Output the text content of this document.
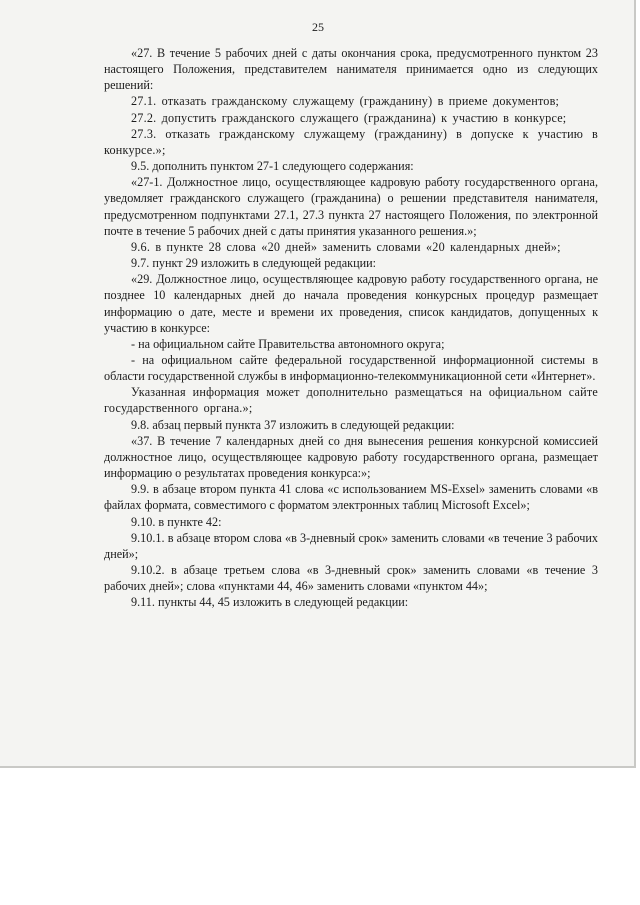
25

«27. В течение 5 рабочих дней с даты окончания срока, предусмотренного пунктом 23 настоящего Положения, представителем нанимателя принимается одно из следующих решений:

27.1. отказать гражданскому служащему (гражданину) в приеме документов;

27.2. допустить гражданского служащего (гражданина) к участию в конкурсе;

27.3. отказать гражданскому служащему (гражданину) в допуске к участию в конкурсе.»;

9.5. дополнить пунктом 27-1 следующего содержания:

«27-1. Должностное лицо, осуществляющее кадровую работу государственного органа, уведомляет гражданского служащего (гражданина) о решении представителя нанимателя, предусмотренном подпунктами 27.1, 27.3 пункта 27 настоящего Положения, по электронной почте в течение 5 рабочих дней с даты принятия указанного решения.»;

9.6. в пункте 28 слова «20 дней» заменить словами «20 календарных дней»;

9.7. пункт 29 изложить в следующей редакции:

«29. Должностное лицо, осуществляющее кадровую работу государственного органа, не позднее 10 календарных дней до начала проведения конкурсных процедур размещает информацию о дате, месте и времени их проведения, список кандидатов, допущенных к участию в конкурсе:

- на официальном сайте Правительства автономного округа;

- на официальном сайте федеральной государственной информационной системы в области государственной службы в информационно-телекоммуникационной сети «Интернет».

Указанная информация может дополнительно размещаться на официальном сайте государственного органа.»;

9.8. абзац первый пункта 37 изложить в следующей редакции:

«37. В течение 7 календарных дней со дня вынесения решения конкурсной комиссией должностное лицо, осуществляющее кадровую работу государственного органа, размещает информацию о результатах проведения конкурса:»;

9.9. в абзаце втором пункта 41 слова «с использованием MS-Exsel» заменить словами «в файлах формата, совместимого с форматом электронных таблиц Microsoft Excel»;

9.10. в пункте 42:

9.10.1. в абзаце втором слова «в 3-дневный срок» заменить словами «в течение 3 рабочих дней»;

9.10.2. в абзаце третьем слова «в 3-дневный срок» заменить словами «в течение 3 рабочих дней»; слова «пунктами 44, 46» заменить словами «пунктом 44»;

9.11. пункты 44, 45 изложить в следующей редакции:
